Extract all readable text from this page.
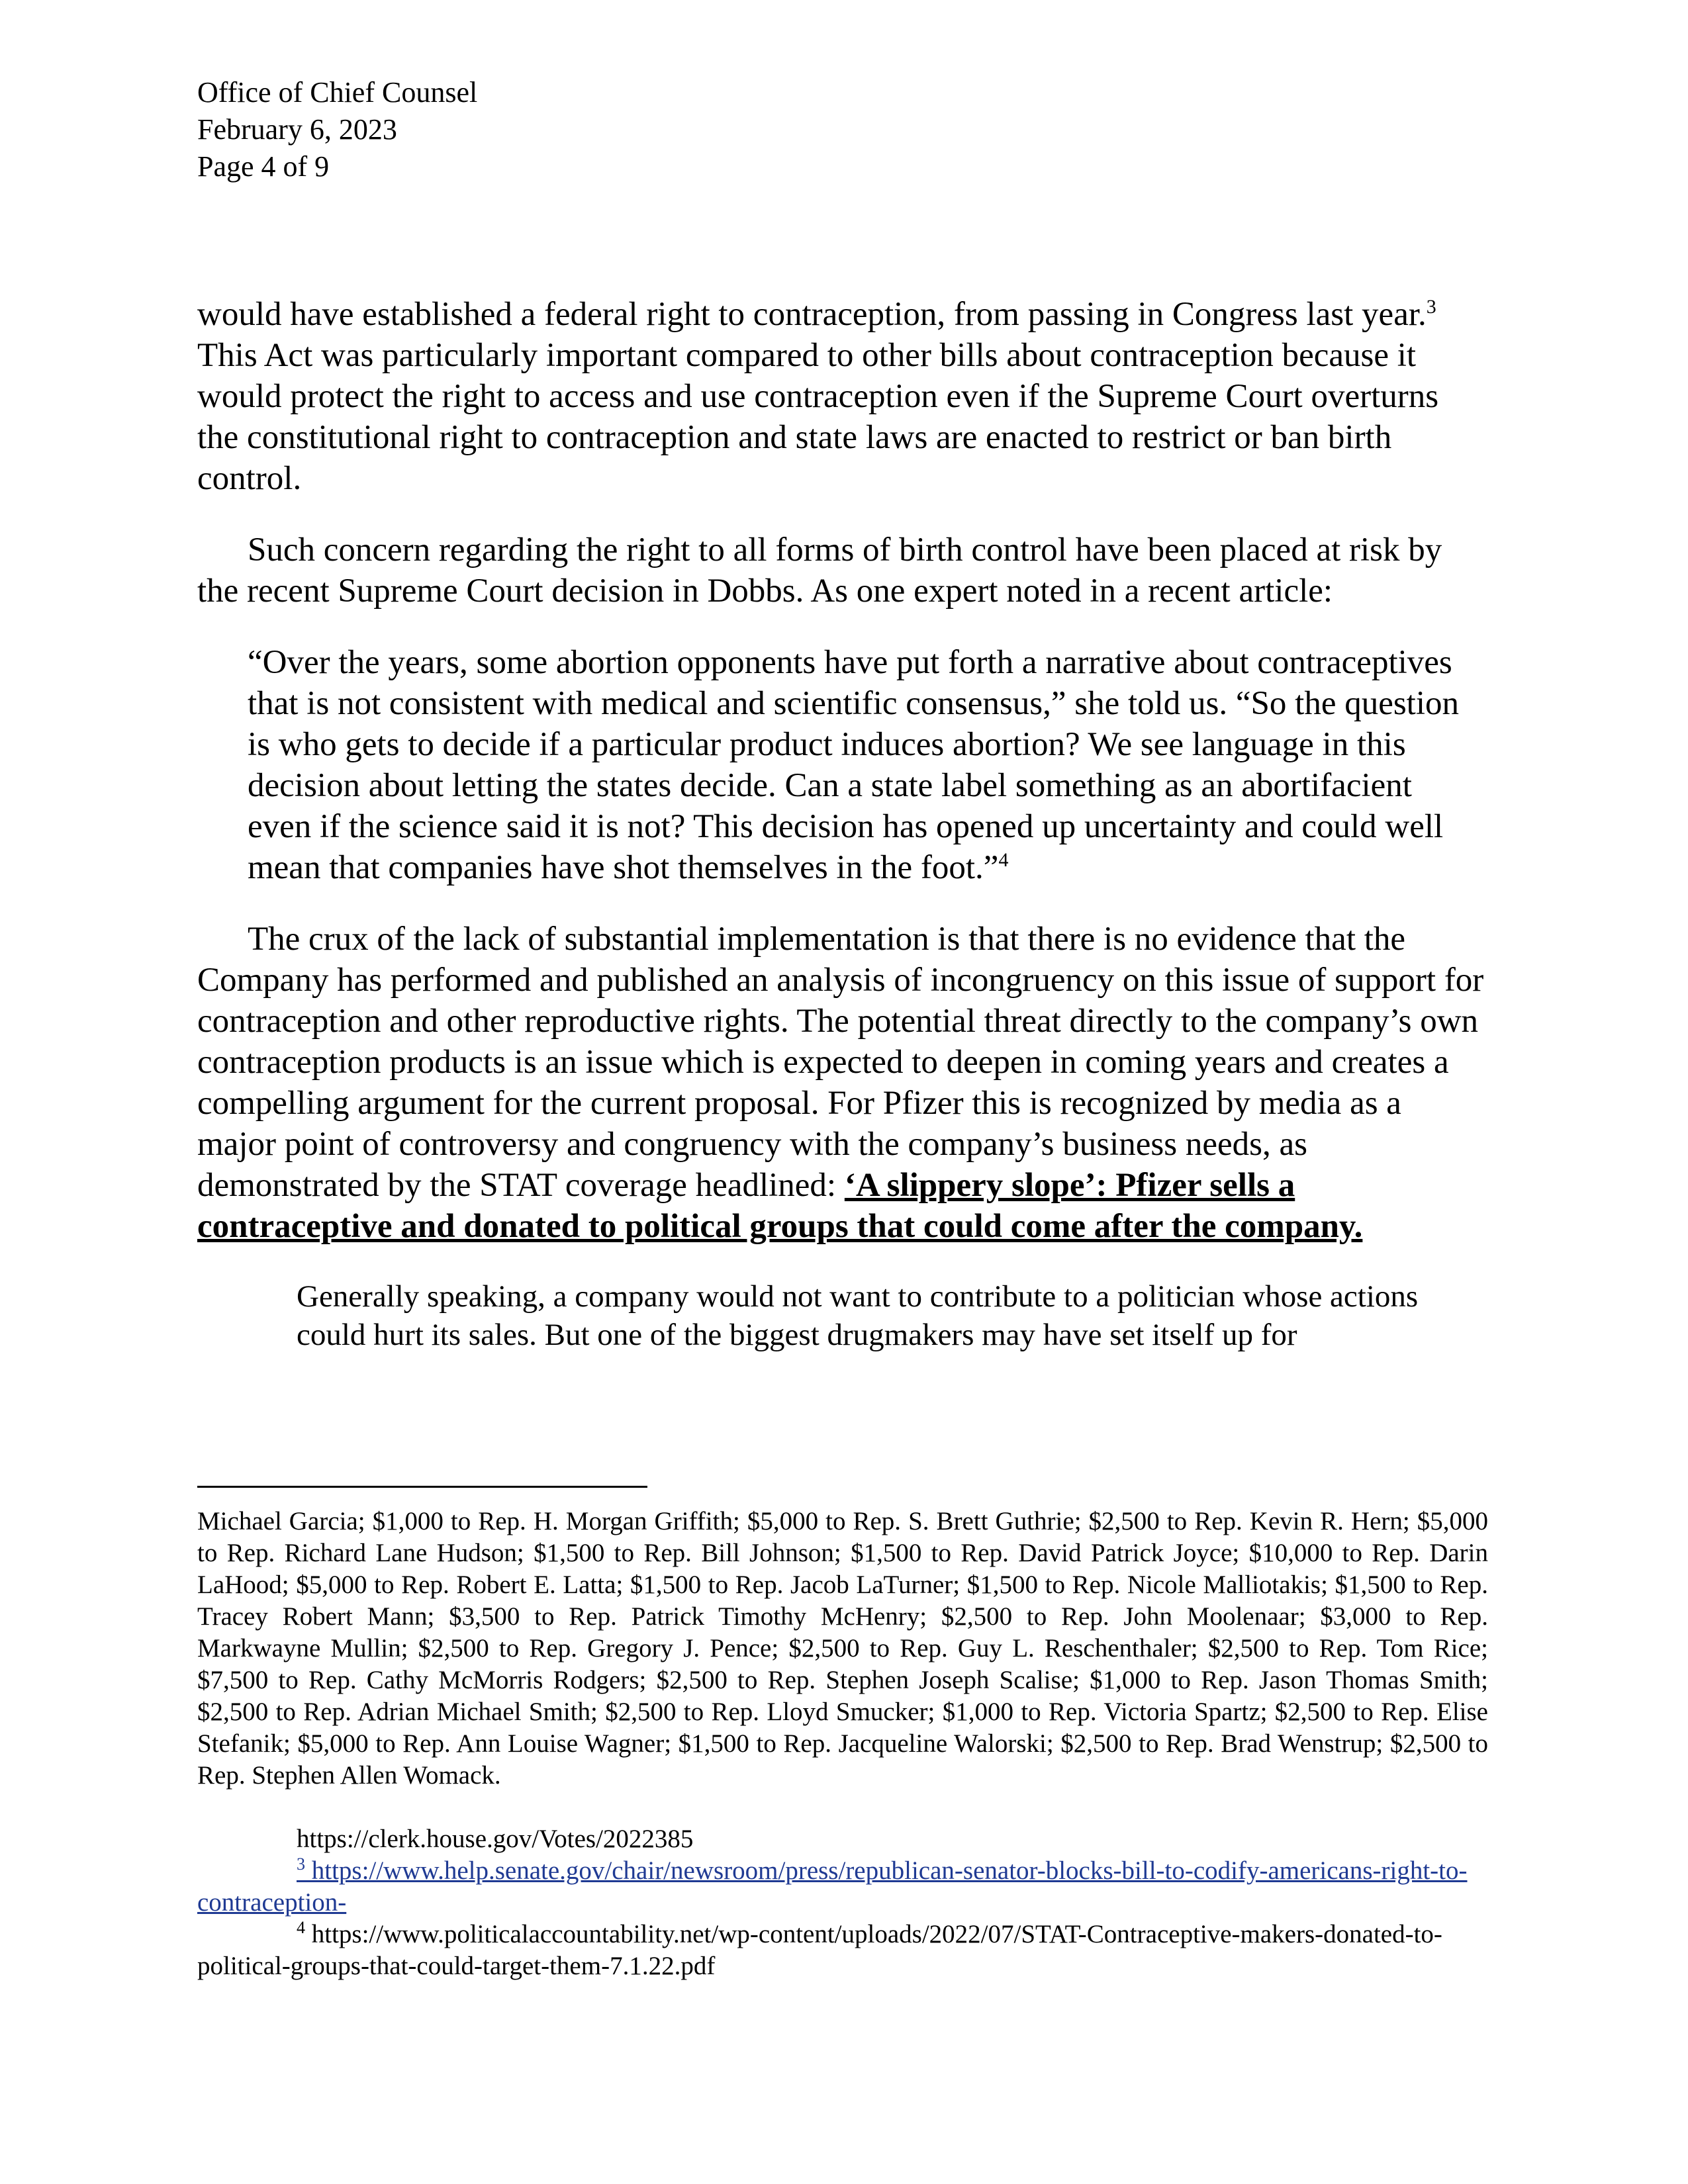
Office of Chief Counsel
February 6, 2023
Page 4 of 9

would have established a federal right to contraception, from passing in Congress last year.$^3$ This Act was particularly important compared to other bills about contraception because it would protect the right to access and use contraception even if the Supreme Court overturns the constitutional right to contraception and state laws are enacted to restrict or ban birth control.

Such concern regarding the right to all forms of birth control have been placed at risk by the recent Supreme Court decision in Dobbs. As one expert noted in a recent article:

“Over the years, some abortion opponents have put forth a narrative about contraceptives that is not consistent with medical and scientific consensus,” she told us. “So the question is who gets to decide if a particular product induces abortion? We see language in this decision about letting the states decide. Can a state label something as an abortifacient even if the science said it is not? This decision has opened up uncertainty and could well mean that companies have shot themselves in the foot.”$^4$

The crux of the lack of substantial implementation is that there is no evidence that the Company has performed and published an analysis of incongruency on this issue of support for contraception and other reproductive rights. The potential threat directly to the company’s own contraception products is an issue which is expected to deepen in coming years and creates a compelling argument for the current proposal. For Pfizer this is recognized by media as a major point of controversy and congruency with the company’s business needs, as demonstrated by the STAT coverage headlined: ‘A slippery slope’: Pfizer sells a contraceptive and donated to political groups that could come after the company.

Generally speaking, a company would not want to contribute to a politician whose actions could hurt its sales. But one of the biggest drugmakers may have set itself up for

Michael Garcia; $1,000 to Rep. H. Morgan Griffith; $5,000 to Rep. S. Brett Guthrie; $2,500 to Rep. Kevin R. Hern; $5,000 to Rep. Richard Lane Hudson; $1,500 to Rep. Bill Johnson; $1,500 to Rep. David Patrick Joyce; $10,000 to Rep. Darin LaHood; $5,000 to Rep. Robert E. Latta; $1,500 to Rep. Jacob LaTurner; $1,500 to Rep. Nicole Malliotakis; $1,500 to Rep. Tracey Robert Mann; $3,500 to Rep. Patrick Timothy McHenry; $2,500 to Rep. John Moolenaar; $3,000 to Rep. Markwayne Mullin; $2,500 to Rep. Gregory J. Pence; $2,500 to Rep. Guy L. Reschenthaler; $2,500 to Rep. Tom Rice; $7,500 to Rep. Cathy McMorris Rodgers; $2,500 to Rep. Stephen Joseph Scalise; $1,000 to Rep. Jason Thomas Smith; $2,500 to Rep. Adrian Michael Smith; $2,500 to Rep. Lloyd Smucker; $1,000 to Rep. Victoria Spartz; $2,500 to Rep. Elise Stefanik; $5,000 to Rep. Ann Louise Wagner; $1,500 to Rep. Jacqueline Walorski; $2,500 to Rep. Brad Wenstrup; $2,500 to Rep. Stephen Allen Womack.

https://clerk.house.gov/Votes/2022385

$^3$ https://www.help.senate.gov/chair/newsroom/press/republican-senator-blocks-bill-to-codify-americans-right-to-contraception-

$^4$ https://www.politicalaccountability.net/wp-content/uploads/2022/07/STAT-Contraceptive-makers-donated-to-political-groups-that-could-target-them-7.1.22.pdf
